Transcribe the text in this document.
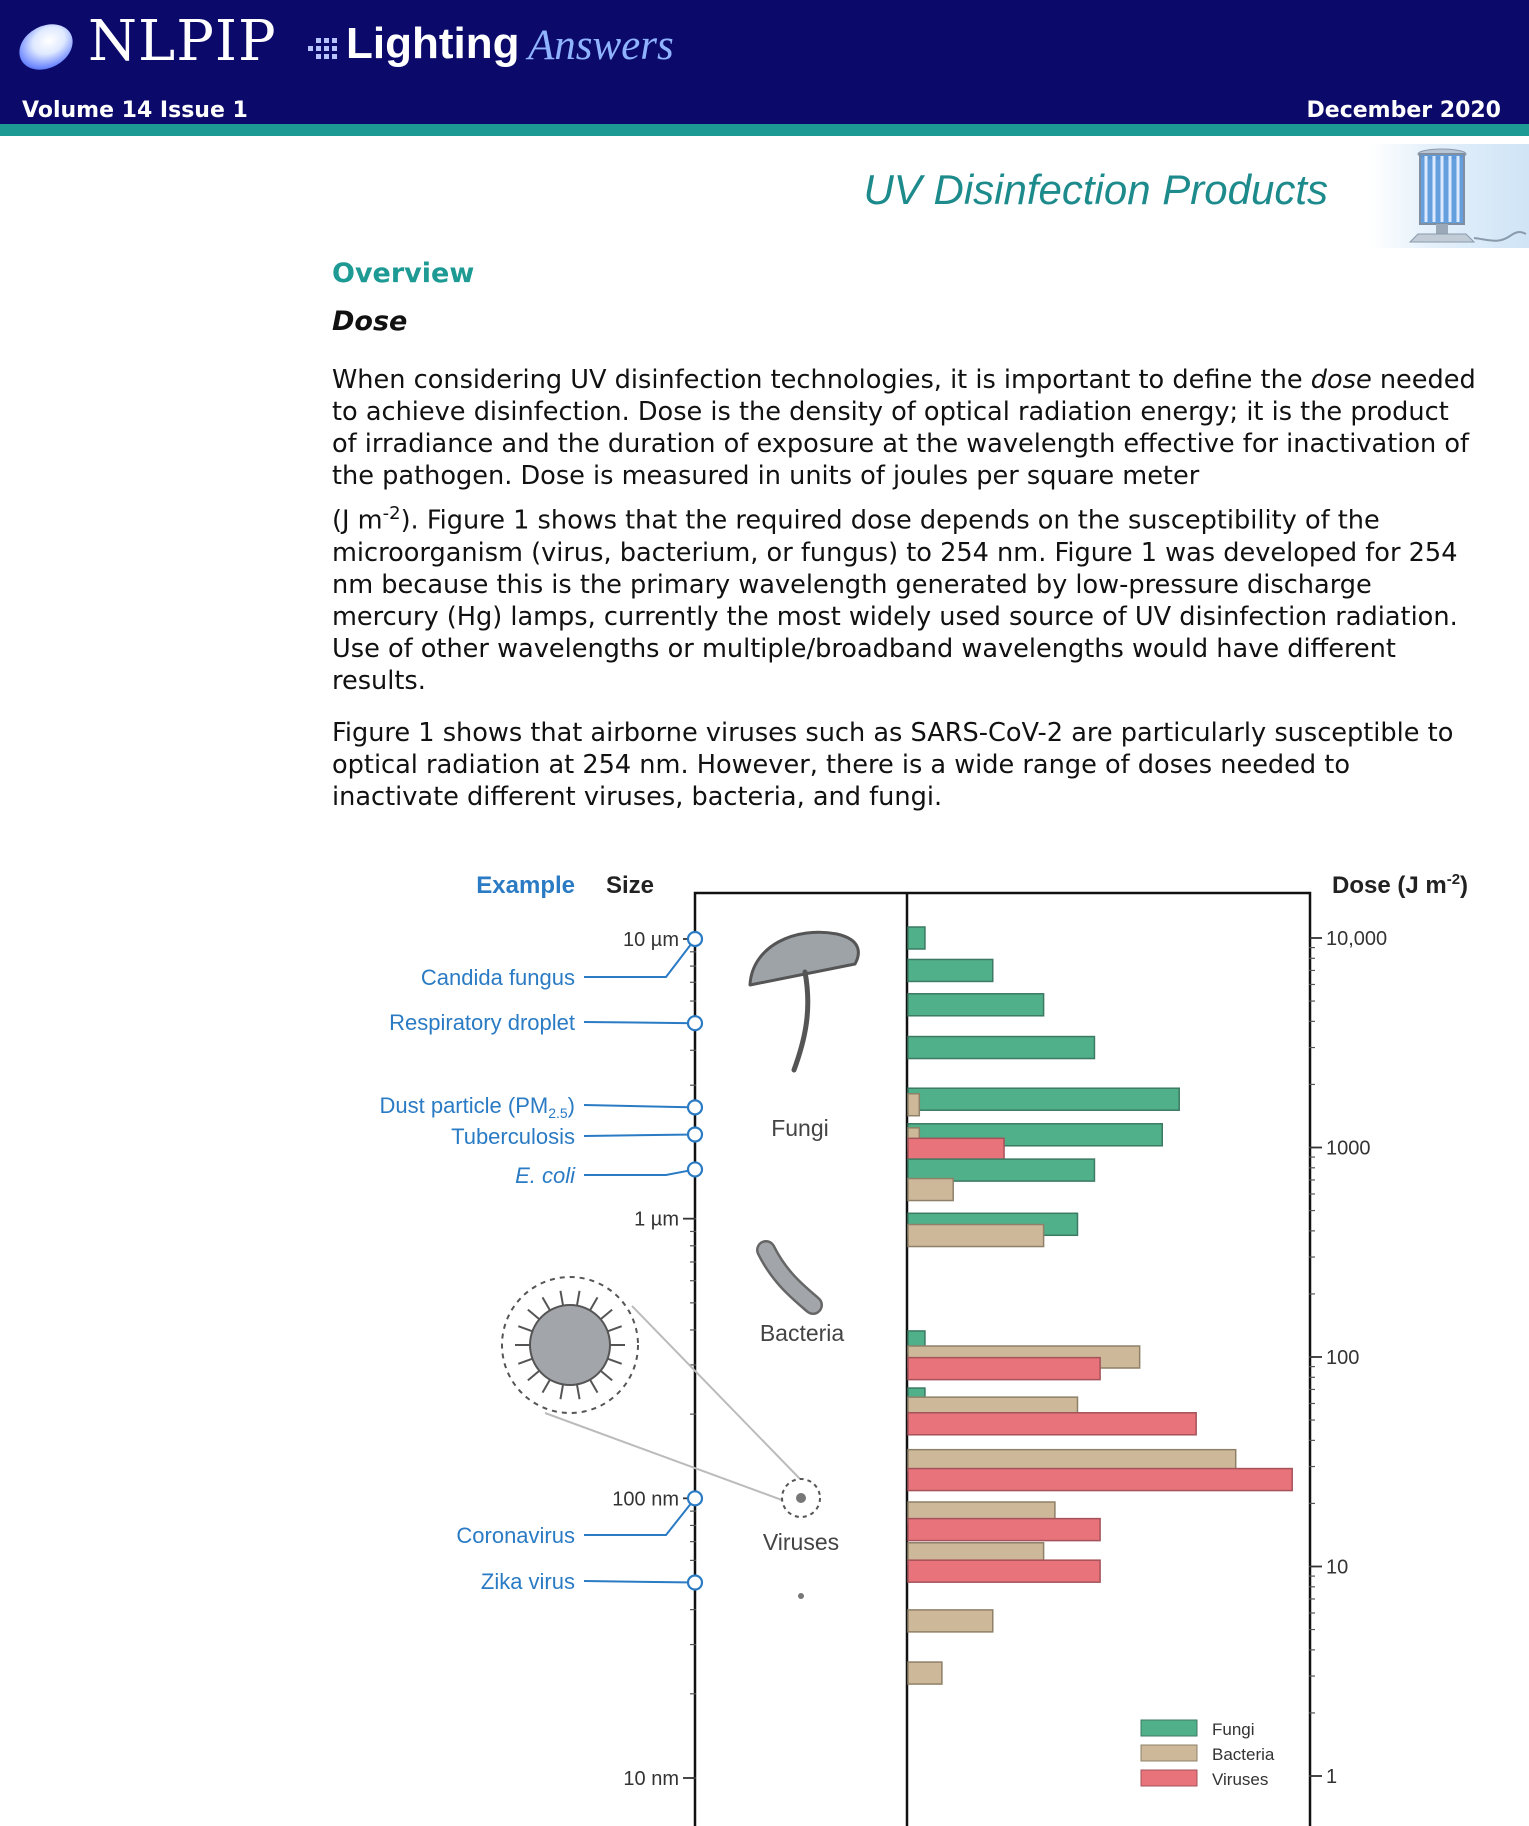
NLPIP Lighting Answers
Volume 14 Issue 1	December 2020
UV Disinfection Products
Overview
Dose
When considering UV disinfection technologies, it is important to define the dose needed
to achieve disinfection. Dose is the density of optical radiation energy; it is the product
of irradiance and the duration of exposure at the wavelength effective for inactivation of
the pathogen. Dose is measured in units of joules per square meter
(J $m^{-2}$). Figure 1 shows that the required dose depends on the susceptibility of the
microorganism (virus, bacterium, or fungus) to 254 nm. Figure 1 was developed for 254
nm because this is the primary wavelength generated by low-pressure discharge
mercury (Hg) lamps, currently the most widely used source of UV disinfection radiation.
Use of other wavelengths or multiple/broadband wavelengths would have different
results.
Figure 1 shows that airborne viruses such as SARS-CoV-2 are particularly susceptible to
optical radiation at 254 nm. However, there is a wide range of doses needed to
inactivate different viruses, bacteria, and fungi.
Example Size	Dose (J $m^{-2}$)
10 µm
1 µm
100 nm
10 nm
Candida fungus
Respiratory droplet
Dust particle $(PM_{2.5})$
Tuberculosis
E. coli
Coronavirus
Zika virus
10,000
1000
100
10
1
Fungi
Bacteria
Viruses
Fungi
Bacteria
Viruses
